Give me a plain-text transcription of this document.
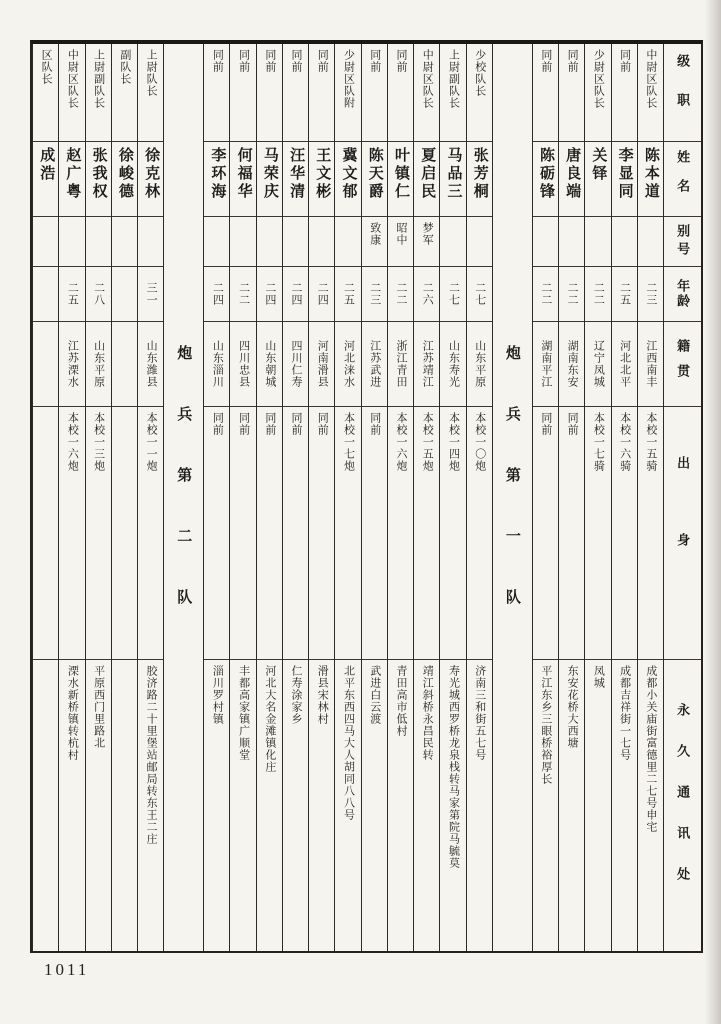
级职
姓名
别号
年龄
籍贯
出身
永久通讯处
中尉区队长
陈本道
二三
江西南丰
本校一五骑
成都小关庙街富德里二七号申宅
同前
李显同
二五
河北北平
本校一六骑
成都吉祥街一七号
少尉区队长
关铎
二二
辽宁凤城
本校一七骑
凤城
同前
唐良端
二二
湖南东安
同前
东安花桥大西塘
同前
陈砺锋
二二
湖南平江
同前
平江东乡三眼桥裕厚长
炮兵第一队
少校队长
张芳桐
二七
山东平原
本校一〇炮
济南三和街五七号
上尉副队长
马品三
二七
山东寿光
本校一四炮
寿光城西罗桥龙泉栈转马家第院马毓莫
中尉区队长
夏启民
梦军
二六
江苏靖江
本校一五炮
靖江斜桥永昌民转
同前
叶镇仁
昭中
二二
浙江青田
本校一六炮
青田高市低村
同前
陈天爵
致康
二三
江苏武进
同前
武进白云渡
少尉区队附
冀文郁
二五
河北涞水
本校一七炮
北平东西四马大人胡同八八号
同前
王文彬
二四
河南滑县
同前
滑县宋林村
同前
汪华清
二四
四川仁寿
同前
仁寿涂家乡
同前
马荣庆
二四
山东朝城
同前
河北大名金滩镇化庄
同前
何福华
二二
四川忠县
同前
丰都高家镇广顺堂
同前
李环海
二四
山东淄川
同前
淄川罗村镇
炮兵第二队
上尉队长
徐克林
三一
山东潍县
本校一一炮
胶济路二十里堡站邮局转东王二庄
副队长
徐峻德
上尉副队长
张我权
二八
山东平原
本校一三炮
平原西门里路北
中尉区队长
赵广粤
二五
江苏溧水
本校一六炮
溧水新桥镇转杭村
区队长
成浩
1011
